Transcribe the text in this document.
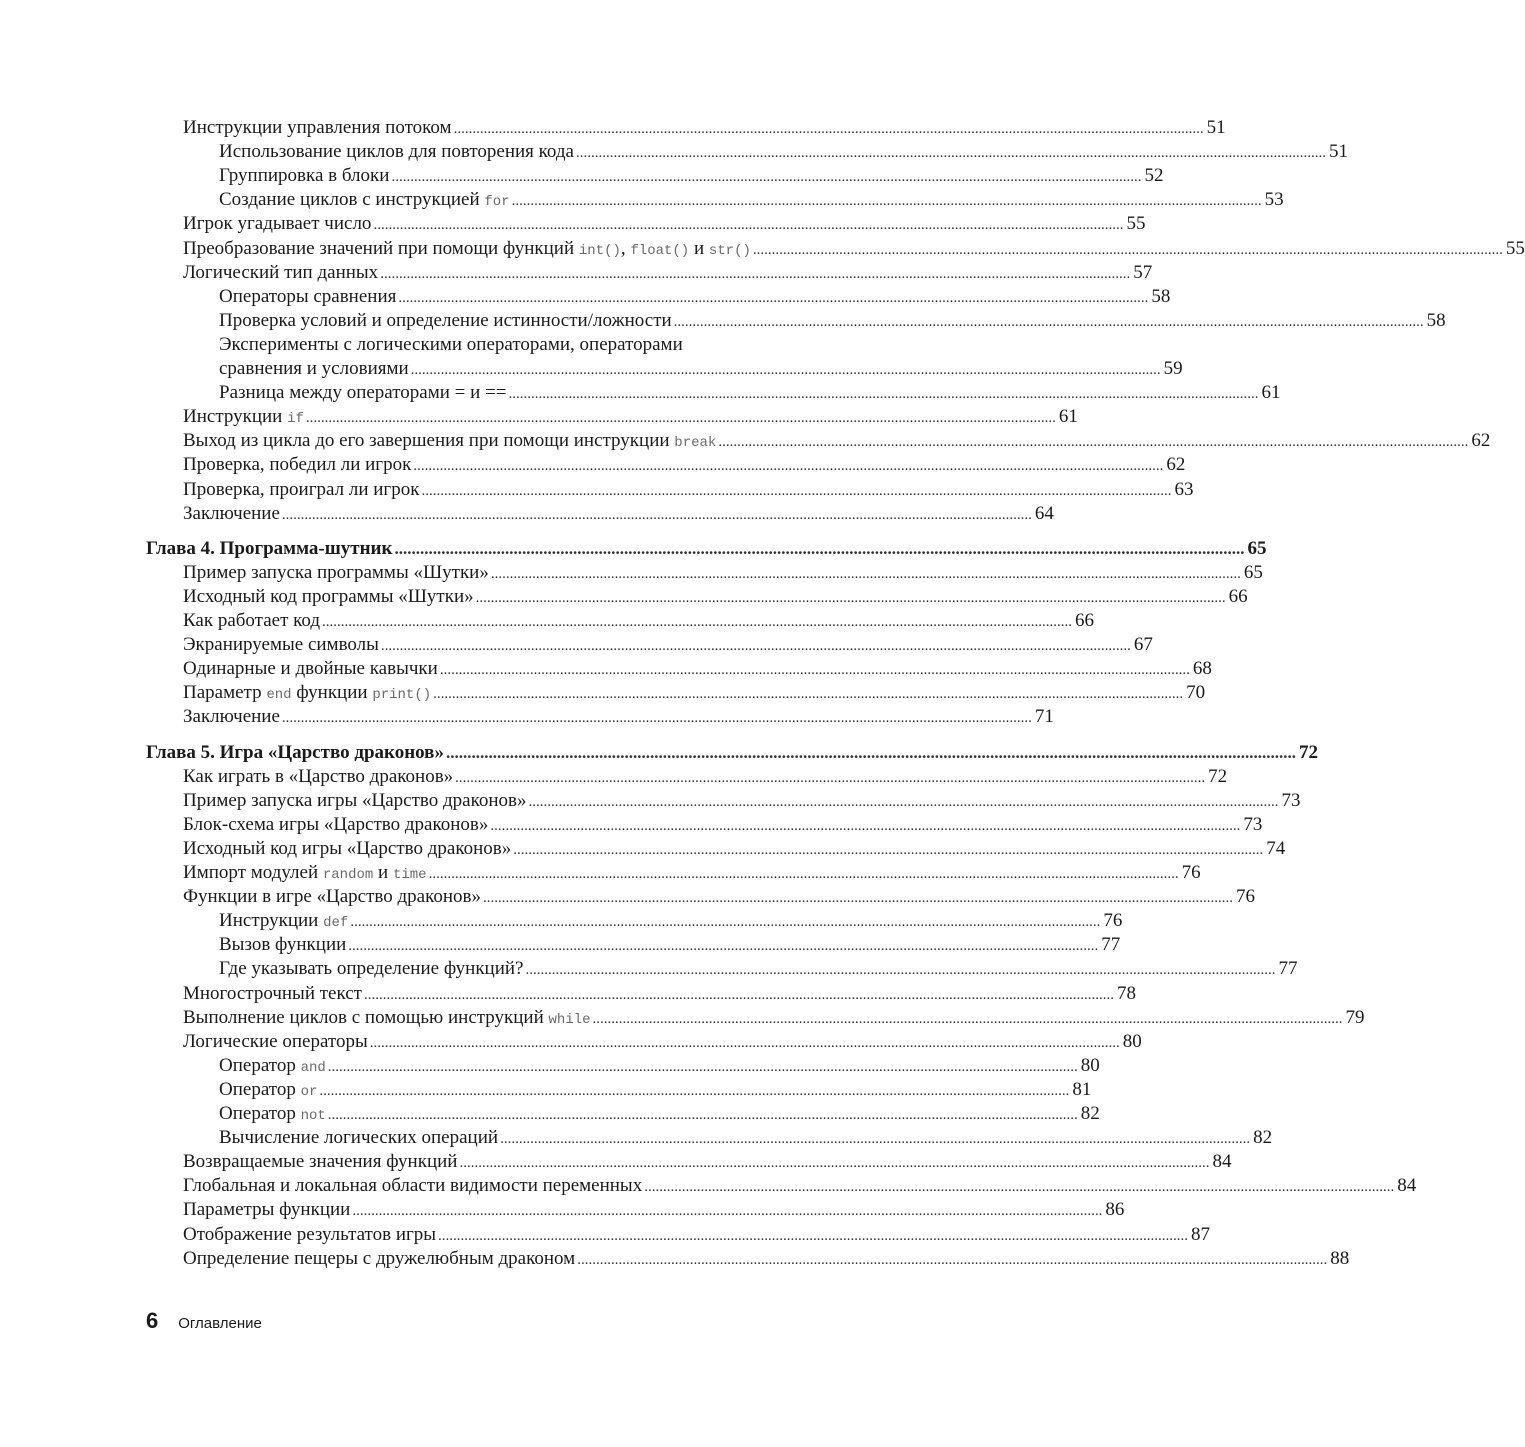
Инструкции управления потоком ........................................................................................................................................................................................................ 51
Использование циклов для повторения кода ........................................................................................................................................................................................................ 51
Группировка в блоки ........................................................................................................................................................................................................ 52
Создание циклов с инструкцией for ........................................................................................................................................................................................................ 53
Игрок угадывает число ........................................................................................................................................................................................................ 55
Преобразование значений при помощи функций int(), float() и str() ........................................................................................................................................................................................................ 55
Логический тип данных ........................................................................................................................................................................................................ 57
Операторы сравнения ........................................................................................................................................................................................................ 58
Проверка условий и определение истинности/ложности ........................................................................................................................................................................................................ 58
Эксперименты с логическими операторами, операторами
сравнения и условиями ........................................................................................................................................................................................................ 59
Разница между операторами = и == ........................................................................................................................................................................................................ 61
Инструкции if ........................................................................................................................................................................................................ 61
Выход из цикла до его завершения при помощи инструкции break ........................................................................................................................................................................................................ 62
Проверка, победил ли игрок ........................................................................................................................................................................................................ 62
Проверка, проиграл ли игрок ........................................................................................................................................................................................................ 63
Заключение ........................................................................................................................................................................................................ 64
Глава 4. Программа-шутник ........................................................................................................................................................................................................ 65
Пример запуска программы «Шутки» ........................................................................................................................................................................................................ 65
Исходный код программы «Шутки» ........................................................................................................................................................................................................ 66
Как работает код ........................................................................................................................................................................................................ 66
Экранируемые символы ........................................................................................................................................................................................................ 67
Одинарные и двойные кавычки ........................................................................................................................................................................................................ 68
Параметр end функции print() ........................................................................................................................................................................................................ 70
Заключение ........................................................................................................................................................................................................ 71
Глава 5. Игра «Царство драконов» ........................................................................................................................................................................................................ 72
Как играть в «Царство драконов» ........................................................................................................................................................................................................ 72
Пример запуска игры «Царство драконов» ........................................................................................................................................................................................................ 73
Блок-схема игры «Царство драконов» ........................................................................................................................................................................................................ 73
Исходный код игры «Царство драконов» ........................................................................................................................................................................................................ 74
Импорт модулей random и time ........................................................................................................................................................................................................ 76
Функции в игре «Царство драконов» ........................................................................................................................................................................................................ 76
Инструкции def ........................................................................................................................................................................................................ 76
Вызов функции ........................................................................................................................................................................................................ 77
Где указывать определение функций? ........................................................................................................................................................................................................ 77
Многострочный текст ........................................................................................................................................................................................................ 78
Выполнение циклов с помощью инструкций while ........................................................................................................................................................................................................ 79
Логические операторы ........................................................................................................................................................................................................ 80
Оператор and ........................................................................................................................................................................................................ 80
Оператор or ........................................................................................................................................................................................................ 81
Оператор not ........................................................................................................................................................................................................ 82
Вычисление логических операций ........................................................................................................................................................................................................ 82
Возвращаемые значения функций ........................................................................................................................................................................................................ 84
Глобальная и локальная области видимости переменных ........................................................................................................................................................................................................ 84
Параметры функции ........................................................................................................................................................................................................ 86
Отображение результатов игры ........................................................................................................................................................................................................ 87
Определение пещеры с дружелюбным драконом ........................................................................................................................................................................................................ 88
6 Оглавление
